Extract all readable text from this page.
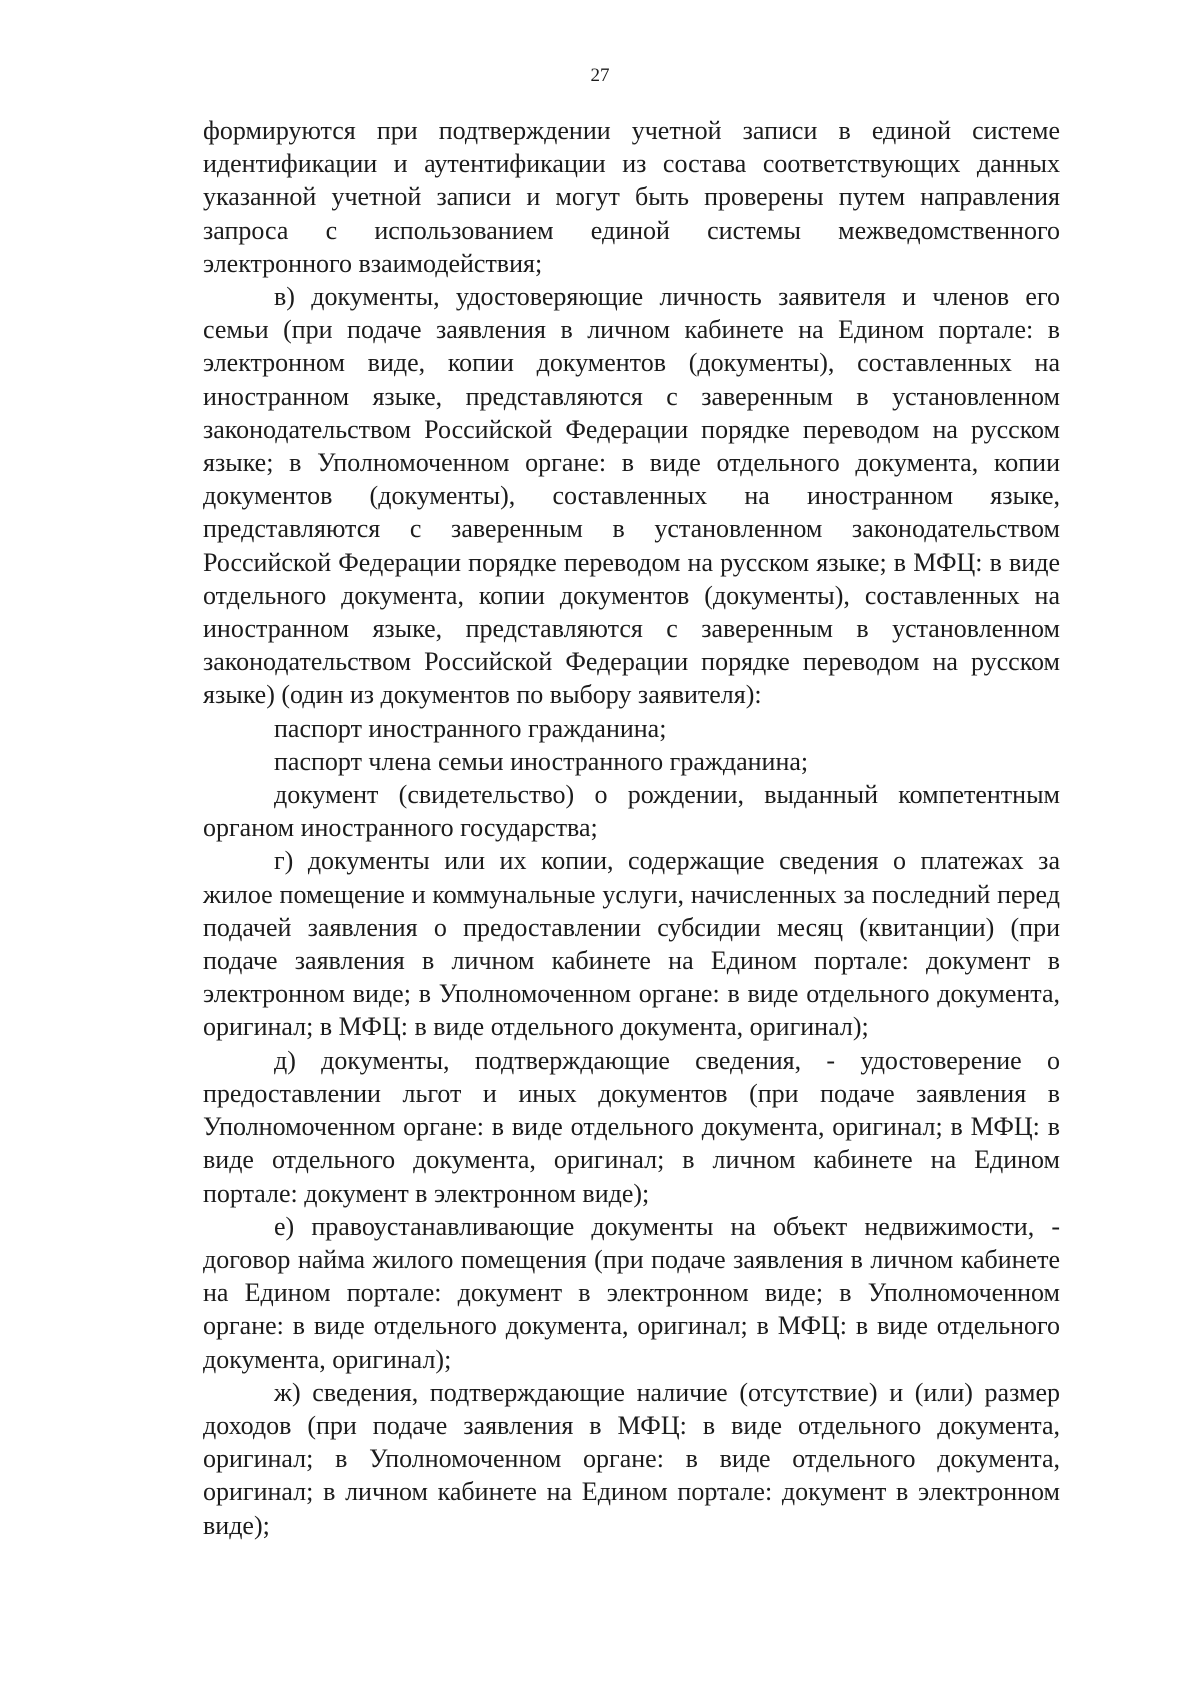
27

формируются при подтверждении учетной записи в единой системе идентификации и аутентификации из состава соответствующих данных указанной учетной записи и могут быть проверены путем направления запроса с использованием единой системы межведомственного электронного взаимодействия;

в) документы, удостоверяющие личность заявителя и членов его семьи (при подаче заявления в личном кабинете на Едином портале: в электронном виде, копии документов (документы), составленных на иностранном языке, представляются с заверенным в установленном законодательством Российской Федерации порядке переводом на русском языке; в Уполномоченном органе: в виде отдельного документа, копии документов (документы), составленных на иностранном языке, представляются с заверенным в установленном законодательством Российской Федерации порядке переводом на русском языке; в МФЦ: в виде отдельного документа, копии документов (документы), составленных на иностранном языке, представляются с заверенным в установленном законодательством Российской Федерации порядке переводом на русском языке) (один из документов по выбору заявителя):

паспорт иностранного гражданина;

паспорт члена семьи иностранного гражданина;

документ (свидетельство) о рождении, выданный компетентным органом иностранного государства;

г) документы или их копии, содержащие сведения о платежах за жилое помещение и коммунальные услуги, начисленных за последний перед подачей заявления о предоставлении субсидии месяц (квитанции) (при подаче заявления в личном кабинете на Едином портале: документ в электронном виде; в Уполномоченном органе: в виде отдельного документа, оригинал; в МФЦ: в виде отдельного документа, оригинал);

д) документы, подтверждающие сведения, - удостоверение о предоставлении льгот и иных документов (при подаче заявления в Уполномоченном органе: в виде отдельного документа, оригинал; в МФЦ: в виде отдельного документа, оригинал; в личном кабинете на Едином портале: документ в электронном виде);

е) правоустанавливающие документы на объект недвижимости, - договор найма жилого помещения (при подаче заявления в личном кабинете на Едином портале: документ в электронном виде; в Уполномоченном органе: в виде отдельного документа, оригинал; в МФЦ: в виде отдельного документа, оригинал);

ж) сведения, подтверждающие наличие (отсутствие) и (или) размер доходов (при подаче заявления в МФЦ: в виде отдельного документа, оригинал; в Уполномоченном органе: в виде отдельного документа, оригинал; в личном кабинете на Едином портале: документ в электронном виде);
